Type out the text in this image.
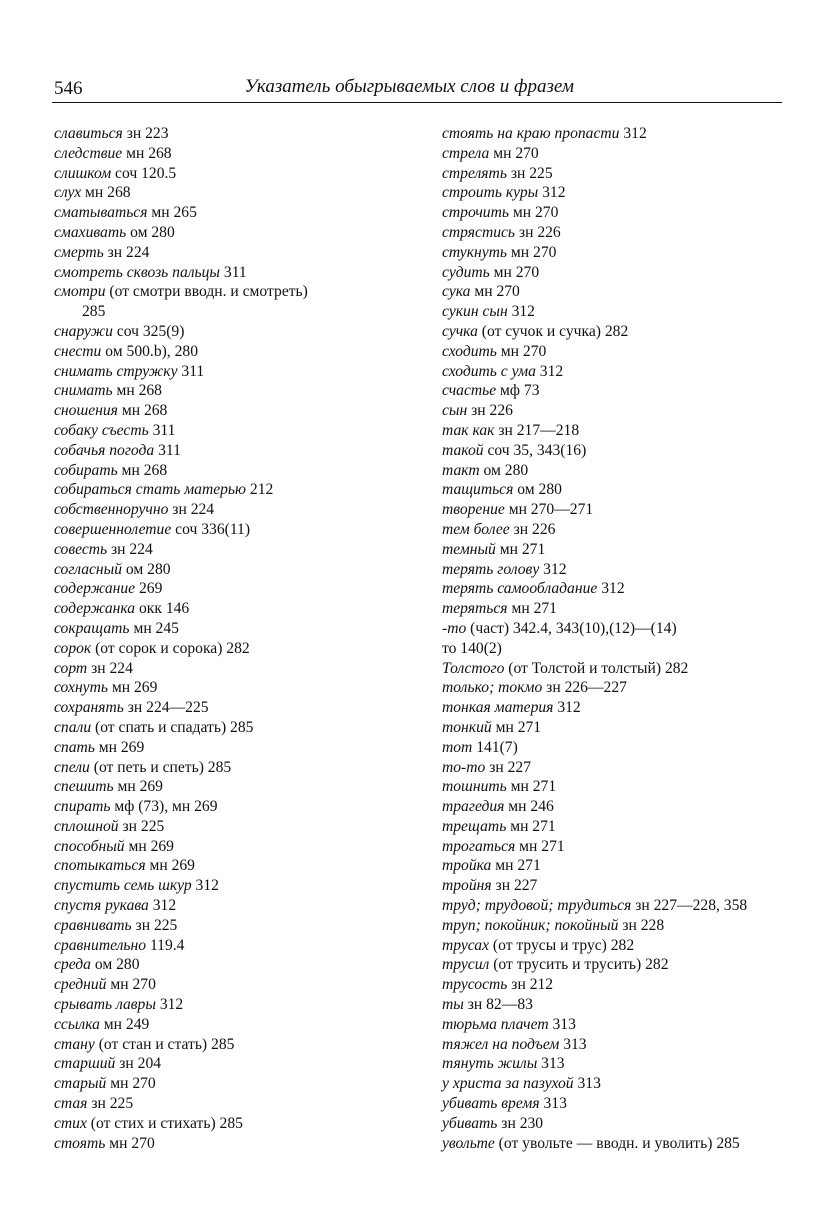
546	Указатель обыгрываемых слов и фразем
славиться зн 223
следствие мн 268
слишком соч 120.5
слух мн 268
сматываться мн 265
смахивать ом 280
смерть зн 224
смотреть сквозь пальцы 311
смотри (от смотри вводн. и смотреть)
285
снаружи соч 325(9)
снести ом 500.b), 280
снимать стружку 311
снимать мн 268
сношения мн 268
собаку съесть 311
собачья погода 311
собирать мн 268
собираться стать матерью 212
собственноручно зн 224
совершеннолетие соч 336(11)
совесть зн 224
согласный ом 280
содержание 269
содержанка окк 146
сокращать мн 245
сорок (от сорок и сорока) 282
сорт зн 224
сохнуть мн 269
сохранять зн 224—225
спали (от спать и спадать) 285
спать мн 269
спели (от петь и спеть) 285
спешить мн 269
спирать мф (73), мн 269
сплошной зн 225
способный мн 269
спотыкаться мн 269
спустить семь шкур 312
спустя рукава 312
сравнивать зн 225
сравнительно 119.4
среда ом 280
средний мн 270
срывать лавры 312
ссылка мн 249
стану (от стан и стать) 285
старший зн 204
старый мн 270
стая зн 225
стих (от стих и стихать) 285
стоять мн 270
стоять на краю пропасти 312
стрела мн 270
стрелять зн 225
строить куры 312
строчить мн 270
стрястись зн 226
стукнуть мн 270
судить мн 270
сука мн 270
сукин сын 312
сучка (от сучок и сучка) 282
сходить мн 270
сходить с ума 312
счастье мф 73
сын зн 226
так как зн 217—218
такой соч 35, 343(16)
такт ом 280
тащиться ом 280
творение мн 270—271
тем более зн 226
темный мн 271
терять голову 312
терять самообладание 312
теряться мн 271
-то (част) 342.4, 343(10),(12)—(14)
то 140(2)
Толстого (от Толстой и толстый) 282
только; токмо зн 226—227
тонкая материя 312
тонкий мн 271
тот 141(7)
то-то зн 227
тошнить мн 271
трагедия мн 246
трещать мн 271
трогаться мн 271
тройка мн 271
тройня зн 227
труд; трудовой; трудиться зн 227—228, 358
труп; покойник; покойный зн 228
трусах (от трусы и трус) 282
трусил (от трусить и трусить) 282
трусость зн 212
ты зн 82—83
тюрьма плачет 313
тяжел на подъем 313
тянуть жилы 313
у христа за пазухой 313
убивать время 313
убивать зн 230
увольте (от увольте — вводн. и уволить) 285
